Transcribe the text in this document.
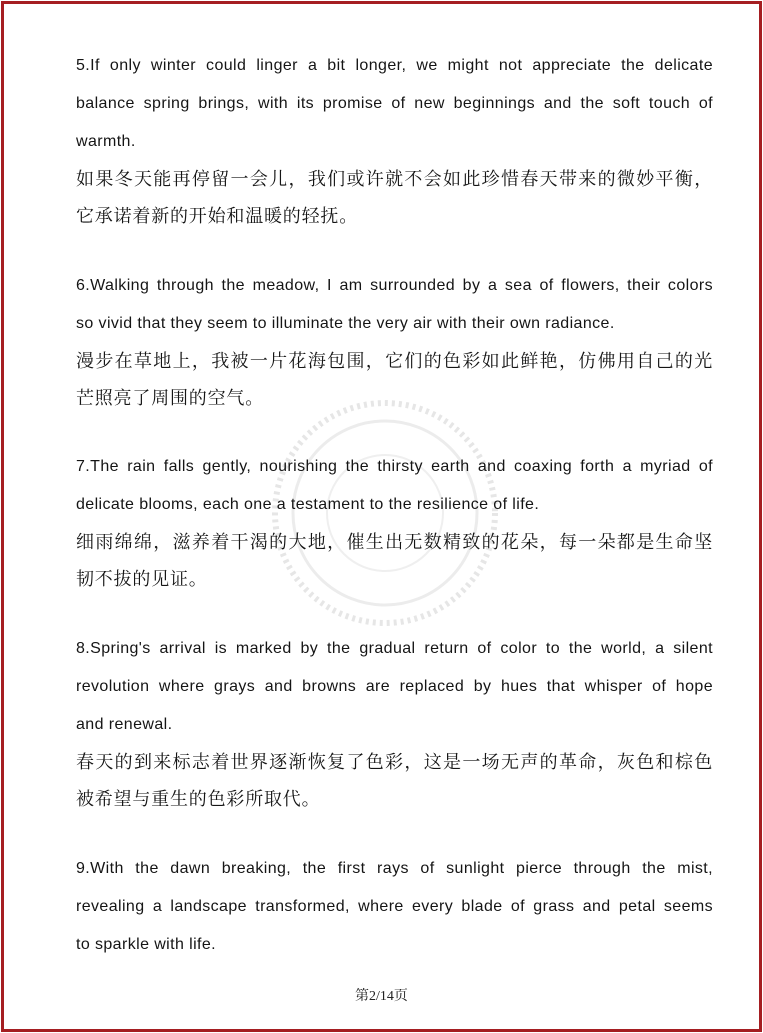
5.If only winter could linger a bit longer, we might not appreciate the delicate
balance spring brings, with its promise of new beginnings and the soft touch of
warmth.
如果冬天能再停留一会儿，我们或许就不会如此珍惜春天带来的微妙平衡，
它承诺着新的开始和温暖的轻抚。
6.Walking through the meadow, I am surrounded by a sea of flowers, their colors
so vivid that they seem to illuminate the very air with their own radiance.
漫步在草地上，我被一片花海包围，它们的色彩如此鲜艳，仿佛用自己的光
芒照亮了周围的空气。
7.The rain falls gently, nourishing the thirsty earth and coaxing forth a myriad of
delicate blooms, each one a testament to the resilience of life.
细雨绵绵，滋养着干渴的大地，催生出无数精致的花朵，每一朵都是生命坚
韧不拔的见证。
8.Spring's arrival is marked by the gradual return of color to the world, a silent
revolution where grays and browns are replaced by hues that whisper of hope
and renewal.
春天的到来标志着世界逐渐恢复了色彩，这是一场无声的革命，灰色和棕色
被希望与重生的色彩所取代。
9.With the dawn breaking, the first rays of sunlight pierce through the mist,
revealing a landscape transformed, where every blade of grass and petal seems
to sparkle with life.
第2/14页
